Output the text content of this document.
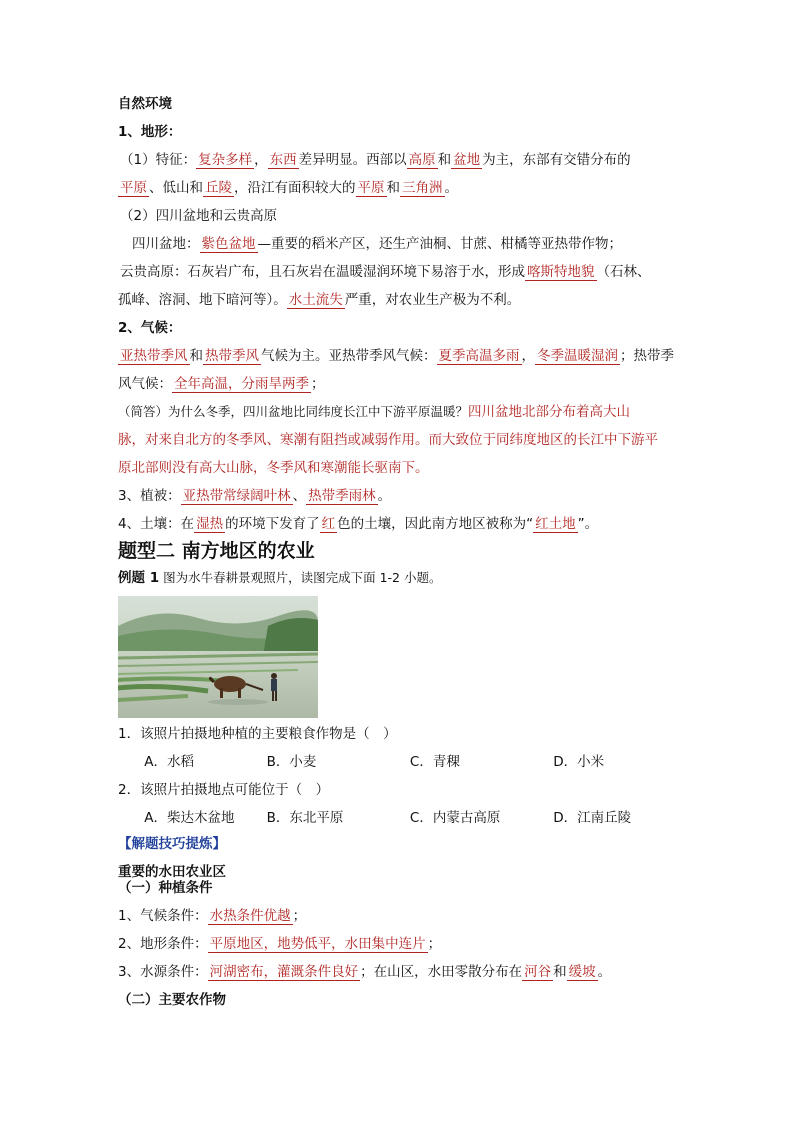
自然环境
1、地形：
（1）特征： 复杂多样 ， 东西 差异明显。西部以 高原 和 盆地 为主，东部有交错分布的
平原 、低山和 丘陵 ，沿江有面积较大的 平原 和 三角洲 。
（2）四川盆地和云贵高原
四川盆地： 紫色盆地 —重要的稻米产区，还生产油桐、甘蔗、柑橘等亚热带作物；
云贵高原：石灰岩广布，且石灰岩在温暖湿润环境下易溶于水，形成 喀斯特地貌 （石林、
孤峰、溶洞、地下暗河等）。 水土流失 严重，对农业生产极为不利。
2、气候：
亚热带季风 和 热带季风 气候为主。亚热带季风气候： 夏季高温多雨 ， 冬季温暖湿润 ；热带季
风气候： 全年高温，分雨旱两季 ；
（简答）为什么冬季，四川盆地比同纬度长江中下游平原温暖？四川盆地北部分布着高大山
脉，对来自北方的冬季风、寒潮有阻挡或减弱作用。而大致位于同纬度地区的长江中下游平
原北部则没有高大山脉，冬季风和寒潮能长驱南下。
3、植被： 亚热带常绿阔叶林 、 热带季雨林 。
4、土壤：在 湿热 的环境下发育了 红 色的土壤，因此南方地区被称为“ 红土地 ”。
题型二 南方地区的农业
例题 1 图为水牛春耕景观照片，读图完成下面 1-2 小题。
1．该照片拍摄地种植的主要粮食作物是（　）
A．水稻	B．小麦	C．青稞	D．小米
2．该照片拍摄地点可能位于（　）
A．柴达木盆地 B．东北平原	C．内蒙古高原	D．江南丘陵
【解题技巧提炼】
重要的水田农业区
（一）种植条件
1、气候条件： 水热条件优越 ；
2、地形条件： 平原地区，地势低平，水田集中连片 ；
3、水源条件： 河湖密布，灌溉条件良好 ；在山区，水田零散分布在 河谷 和 缓坡 。
（二）主要农作物
